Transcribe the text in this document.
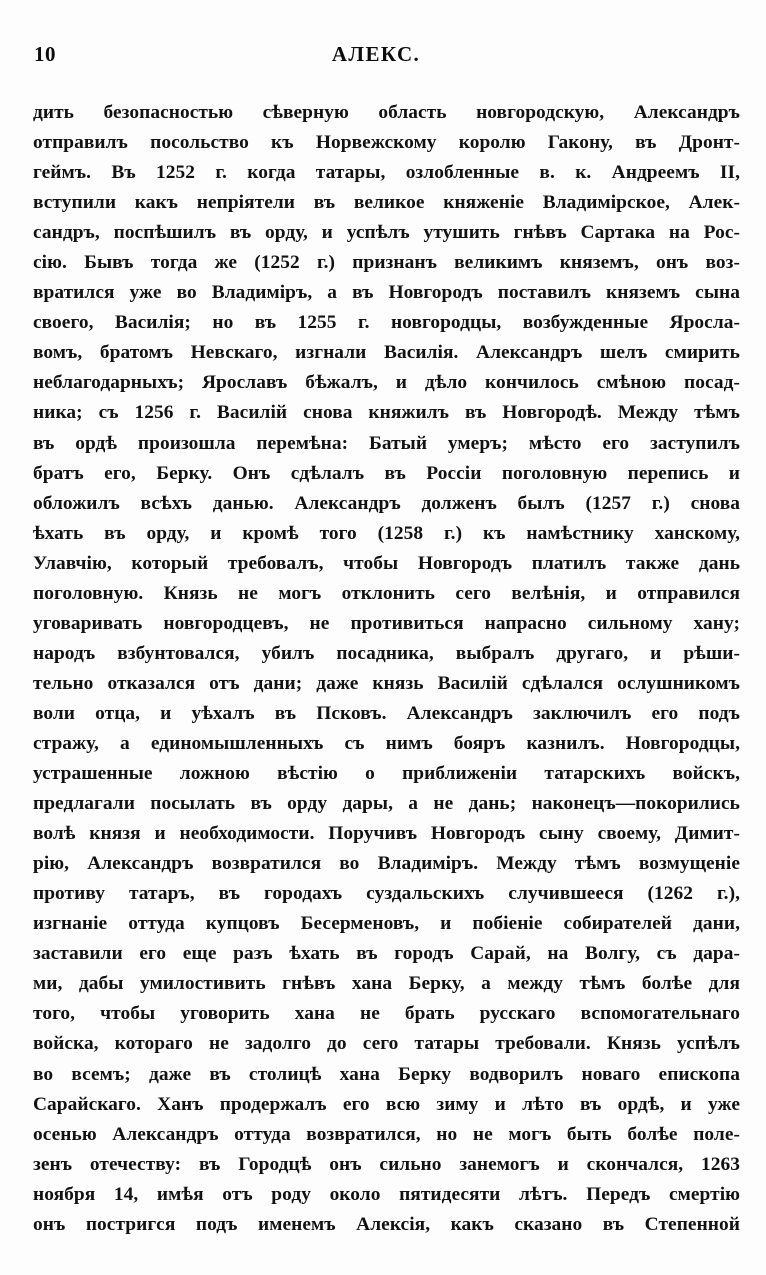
10	АЛЕКС.
дить безопасностью сѣверную область новгородскую, Александръ
отправилъ посольство къ Норвежскому королю Гакону, въ Дронт-
геймъ. Въ 1252 г. когда татары, озлобленные в. к. Андреемъ II,
вступили какъ непріятели въ великое княженіе Владимірское, Алек-
сандръ, поспѣшилъ въ орду, и успѣлъ утушить гнѣвъ Сартака на Рос-
сію. Бывъ тогда же (1252 г.) признанъ великимъ княземъ, онъ воз-
вратился уже во Владиміръ, а въ Новгородъ поставилъ княземъ сына
своего, Василія; но въ 1255 г. новгородцы, возбужденные Яросла-
вомъ, братомъ Невскаго, изгнали Василія. Александръ шелъ смирить
неблагодарныхъ; Ярославъ бѣжалъ, и дѣло кончилось смѣною посад-
ника; съ 1256 г. Василій снова княжилъ въ Новгородѣ. Между тѣмъ
въ ордѣ произошла перемѣна: Батый умеръ; мѣсто его заступилъ
братъ его, Берку. Онъ сдѣлалъ въ Россіи поголовную перепись и
обложилъ всѣхъ данью. Александръ долженъ былъ (1257 г.) снова
ѣхать въ орду, и кромѣ того (1258 г.) къ намѣстнику ханскому,
Улавчію, который требовалъ, чтобы Новгородъ платилъ также дань
поголовную. Князь не могъ отклонить сего велѣнія, и отправился
уговаривать новгородцевъ, не противиться напрасно сильному хану;
народъ взбунтовался, убилъ посадника, выбралъ другаго, и рѣши-
тельно отказался отъ дани; даже князь Василій сдѣлался ослушникомъ
воли отца, и уѣхалъ въ Псковъ. Александръ заключилъ его подъ
стражу, а единомышленныхъ съ нимъ бояръ казнилъ. Новгородцы,
устрашенные ложною вѣстію о приближеніи татарскихъ войскъ,
предлагали посылать въ орду дары, а не дань; наконецъ—покорились
волѣ князя и необходимости. Поручивъ Новгородъ сыну своему, Димит-
рію, Александръ возвратился во Владиміръ. Между тѣмъ возмущеніе
противу татаръ, въ городахъ суздальскихъ случившееся (1262 г.),
изгнаніе оттуда купцовъ Бесерменовъ, и побіеніе собирателей дани,
заставили его еще разъ ѣхать въ городъ Сарай, на Волгу, съ дара-
ми, дабы умилостивить гнѣвъ хана Берку, а между тѣмъ болѣе для
того, чтобы уговорить хана не брать русскаго вспомогательнаго
войска, котораго не задолго до сего татары требовали. Князь успѣлъ
во всемъ; даже въ столицѣ хана Берку водворилъ новаго епископа
Сарайскаго. Ханъ продержалъ его всю зиму и лѣто въ ордѣ, и уже
осенью Александръ оттуда возвратился, но не могъ быть болѣе поле-
зенъ отечеству: въ Городцѣ онъ сильно занемогъ и скончался, 1263
ноября 14, имѣя отъ роду около пятидесяти лѣтъ. Передъ смертію
онъ постригся подъ именемъ Алексія, какъ сказано въ Степенной
